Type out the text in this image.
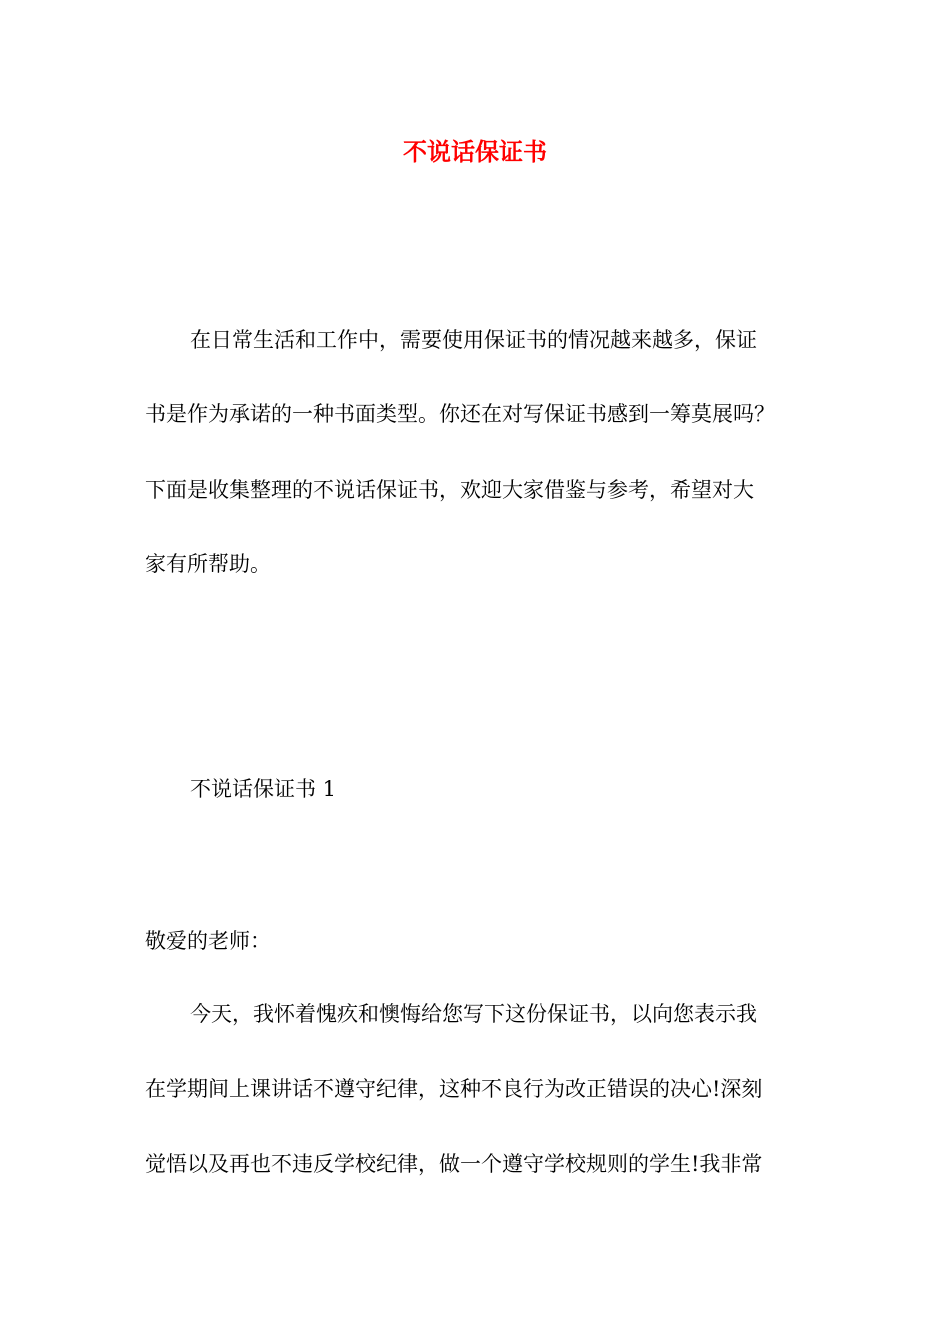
不说话保证书

在日常生活和工作中，需要使用保证书的情况越来越多，保证

书是作为承诺的一种书面类型。你还在对写保证书感到一筹莫展吗？

下面是收集整理的不说话保证书，欢迎大家借鉴与参考，希望对大

家有所帮助。

不说话保证书 1

敬爱的老师：

今天，我怀着愧疚和懊悔给您写下这份保证书，以向您表示我

在学期间上课讲话不遵守纪律，这种不良行为改正错误的决心!深刻

觉悟以及再也不违反学校纪律，做一个遵守学校规则的学生!我非常
